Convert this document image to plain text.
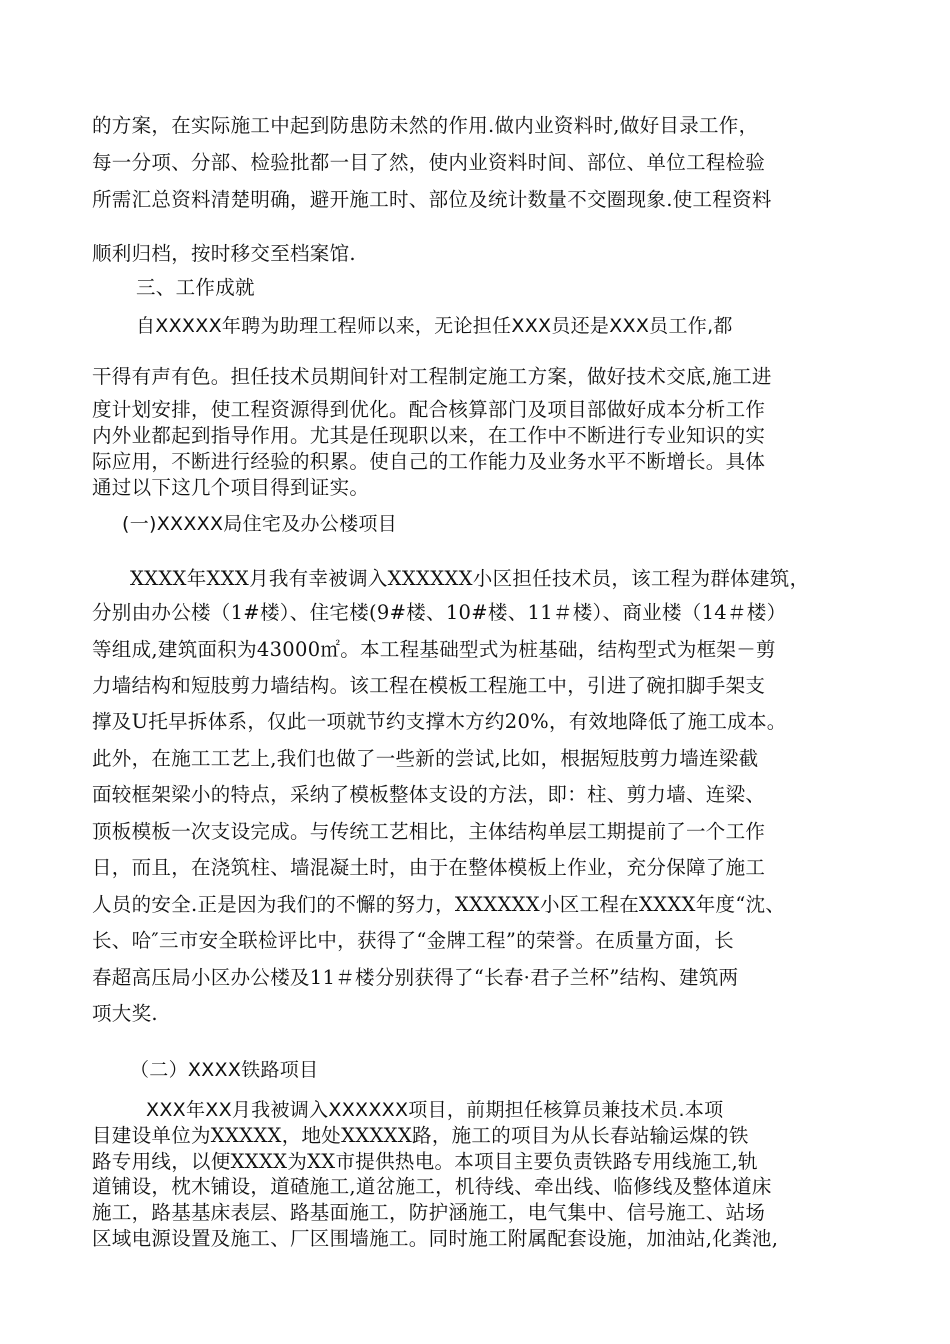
的方案，在实际施工中起到防患防未然的作用.做内业资料时,做好目录工作，
每一分项、分部、检验批都一目了然，使内业资料时间、部位、单位工程检验
所需汇总资料清楚明确，避开施工时、部位及统计数量不交圈现象.使工程资料
顺利归档，按时移交至档案馆.
三、工作成就
自XXXXX年聘为助理工程师以来，无论担任XXX员还是XXX员工作,都
干得有声有色。担任技术员期间针对工程制定施工方案，做好技术交底,施工进
度计划安排，使工程资源得到优化。配合核算部门及项目部做好成本分析工作
内外业都起到指导作用。尤其是任现职以来，在工作中不断进行专业知识的实
际应用，不断进行经验的积累。使自己的工作能力及业务水平不断增长。具体
通过以下这几个项目得到证实。
(一)XXXXX局住宅及办公楼项目
XXXX年XXX月我有幸被调入XXXXXX小区担任技术员，该工程为群体建筑，
分别由办公楼（1#楼）、住宅楼(9#楼、10#楼、11＃楼）、商业楼（14＃楼）
等组成,建筑面积为43000㎡。本工程基础型式为桩基础，结构型式为框架－剪
力墙结构和短肢剪力墙结构。该工程在模板工程施工中，引进了碗扣脚手架支
撑及U托早拆体系，仅此一项就节约支撑木方约20%，有效地降低了施工成本。
此外，在施工工艺上,我们也做了一些新的尝试,比如，根据短肢剪力墙连梁截
面较框架梁小的特点，采纳了模板整体支设的方法，即：柱、剪力墙、连梁、
顶板模板一次支设完成。与传统工艺相比，主体结构单层工期提前了一个工作
日，而且，在浇筑柱、墙混凝土时，由于在整体模板上作业，充分保障了施工
人员的安全.正是因为我们的不懈的努力，XXXXXX小区工程在XXXX年度“沈、
长、哈″三市安全联检评比中，获得了“金牌工程”的荣誉。在质量方面，长
春超高压局小区办公楼及11＃楼分别获得了“长春·君子兰杯”结构、建筑两
项大奖.
（二）XXXX铁路项目
XXX年XX月我被调入XXXXXX项目，前期担任核算员兼技术员.本项
目建设单位为XXXXX，地处XXXXX路，施工的项目为从长春站输运煤的铁
路专用线，以便XXXX为XX市提供热电。本项目主要负责铁路专用线施工,轨
道铺设，枕木铺设，道碴施工,道岔施工，机待线、牵出线、临修线及整体道床
施工，路基基床表层、路基面施工，防护涵施工，电气集中、信号施工、站场
区域电源设置及施工、厂区围墙施工。同时施工附属配套设施，加油站,化粪池,
